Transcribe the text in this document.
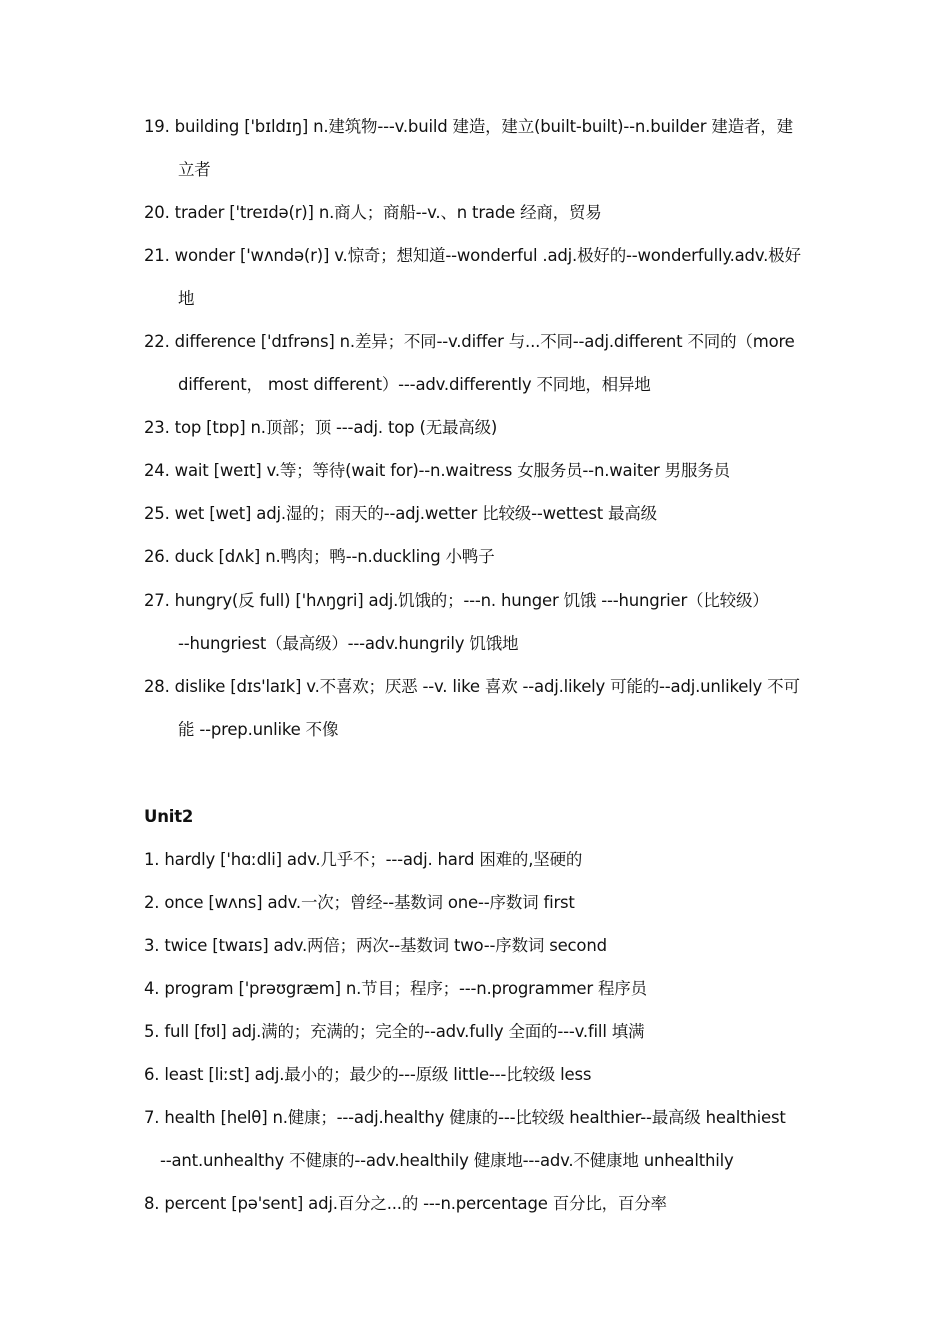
19. building ['bɪldɪŋ] n.建筑物---v.build 建造，建立(built-built)--n.builder 建造者，建
立者
20. trader ['treɪdə(r)] n.商人；商船--v.、n trade 经商，贸易
21. wonder ['wʌndə(r)] v.惊奇；想知道--wonderful .adj.极好的--wonderfully.adv.极好
地
22. difference ['dɪfrəns] n.差异；不同--v.differ 与...不同--adj.different 不同的（more
different， most different）---adv.differently 不同地，相异地
23. top [tɒp] n.顶部；顶 ---adj. top (无最高级)
24. wait [weɪt] v.等；等待(wait for)--n.waitress 女服务员--n.waiter 男服务员
25. wet [wet] adj.湿的；雨天的--adj.wetter 比较级--wettest 最高级
26. duck [dʌk] n.鸭肉；鸭--n.duckling 小鸭子
27. hungry(反 full) ['hʌŋgri] adj.饥饿的；---n. hunger 饥饿 ---hungrier（比较级）
--hungriest（最高级）---adv.hungrily 饥饿地
28. dislike [dɪs'laɪk] v.不喜欢；厌恶 --v. like 喜欢 --adj.likely 可能的--adj.unlikely 不可
能 --prep.unlike 不像
Unit2
1. hardly ['hɑːdli] adv.几乎不；---adj. hard 困难的,坚硬的
2. once [wʌns] adv.一次；曾经--基数词 one--序数词 first
3. twice [twaɪs] adv.两倍；两次--基数词 two--序数词 second
4. program ['prəʊgræm] n.节目；程序；---n.programmer 程序员
5. full [fʊl] adj.满的；充满的；完全的--adv.fully 全面的---v.fill 填满
6. least [liːst] adj.最小的；最少的---原级 little---比较级 less
7. health [helθ] n.健康；---adj.healthy 健康的---比较级 healthier--最高级 healthiest
--ant.unhealthy 不健康的--adv.healthily 健康地---adv.不健康地 unhealthily
8. percent [pə'sent] adj.百分之...的 ---n.percentage 百分比，百分率
